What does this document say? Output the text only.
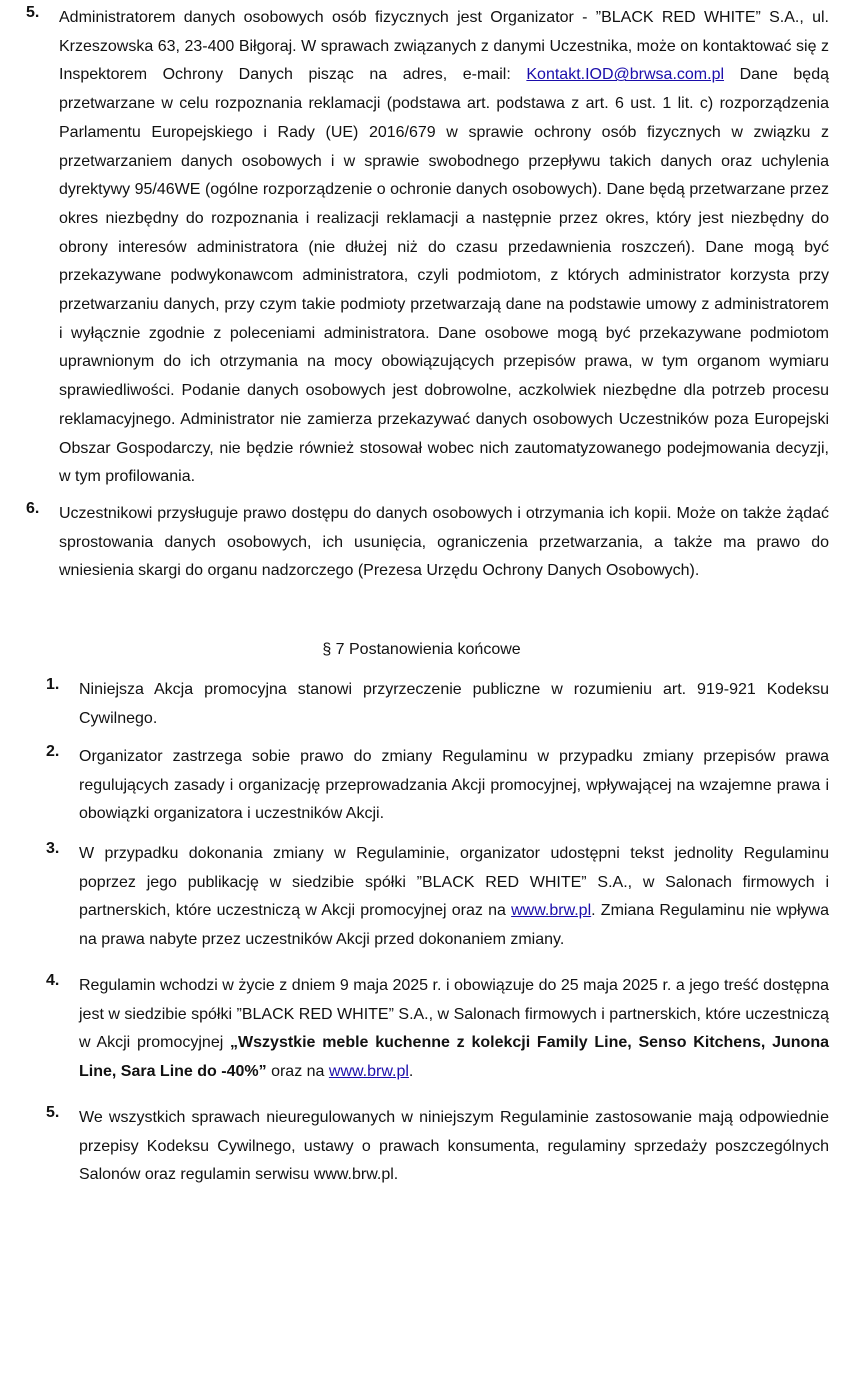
5.	Administratorem danych osobowych osób fizycznych jest Organizator - ”BLACK RED WHITE” S.A., ul. Krzeszowska 63, 23-400 Biłgoraj. W sprawach związanych z danymi Uczestnika, może on kontaktować się z Inspektorem Ochrony Danych pisząc na adres, e-mail: Kontakt.IOD@brwsa.com.pl Dane będą przetwarzane w celu rozpoznania reklamacji (podstawa art. podstawa z art. 6 ust. 1 lit. c) rozporządzenia Parlamentu Europejskiego i Rady (UE) 2016/679 w sprawie ochrony osób fizycznych w związku z przetwarzaniem danych osobowych i w sprawie swobodnego przepływu takich danych oraz uchylenia dyrektywy 95/46WE (ogólne rozporządzenie o ochronie danych osobowych). Dane będą przetwarzane przez okres niezbędny do rozpoznania i realizacji reklamacji a następnie przez okres, który jest niezbędny do obrony interesów administratora (nie dłużej niż do czasu przedawnienia roszczeń). Dane mogą być przekazywane podwykonawcom administratora, czyli podmiotom, z których administrator korzysta przy przetwarzaniu danych, przy czym takie podmioty przetwarzają dane na podstawie umowy z administratorem i wyłącznie zgodnie z poleceniami administratora. Dane osobowe mogą być przekazywane podmiotom uprawnionym do ich otrzymania na mocy obowiązujących przepisów prawa, w tym organom wymiaru sprawiedliwości. Podanie danych osobowych jest dobrowolne, aczkolwiek niezbędne dla potrzeb procesu reklamacyjnego. Administrator nie zamierza przekazywać danych osobowych Uczestników poza Europejski Obszar Gospodarczy, nie będzie również stosował wobec nich zautomatyzowanego podejmowania decyzji, w tym profilowania.
6.	Uczestnikowi przysługuje prawo dostępu do danych osobowych i otrzymania ich kopii. Może on także żądać sprostowania danych osobowych, ich usunięcia, ograniczenia przetwarzania, a także ma prawo do wniesienia skargi do organu nadzorczego (Prezesa Urzędu Ochrony Danych Osobowych).
§ 7 Postanowienia końcowe
1.	Niniejsza Akcja promocyjna stanowi przyrzeczenie publiczne w rozumieniu art. 919-921 Kodeksu Cywilnego.
2.	Organizator zastrzega sobie prawo do zmiany Regulaminu w przypadku zmiany przepisów prawa regulujących zasady i organizację przeprowadzania Akcji promocyjnej, wpływającej na wzajemne prawa i obowiązki organizatora i uczestników Akcji.
3.	W przypadku dokonania zmiany w Regulaminie, organizator udostępni tekst jednolity Regulaminu poprzez jego publikację w siedzibie spółki ”BLACK RED WHITE” S.A., w Salonach firmowych i partnerskich, które uczestniczą w Akcji promocyjnej oraz na www.brw.pl. Zmiana Regulaminu nie wpływa na prawa nabyte przez uczestników Akcji przed dokonaniem zmiany.
4.	Regulamin wchodzi w życie z dniem 9 maja 2025 r. i obowiązuje do 25 maja 2025 r. a jego treść dostępna jest w siedzibie spółki ”BLACK RED WHITE” S.A., w Salonach firmowych i partnerskich, które uczestniczą w Akcji promocyjnej „Wszystkie meble kuchenne z kolekcji Family Line, Senso Kitchens, Junona Line, Sara Line do -40%” oraz na www.brw.pl.
5.	We wszystkich sprawach nieuregulowanych w niniejszym Regulaminie zastosowanie mają odpowiednie przepisy Kodeksu Cywilnego, ustawy o prawach konsumenta, regulaminy sprzedaży poszczególnych Salonów oraz regulamin serwisu www.brw.pl.
